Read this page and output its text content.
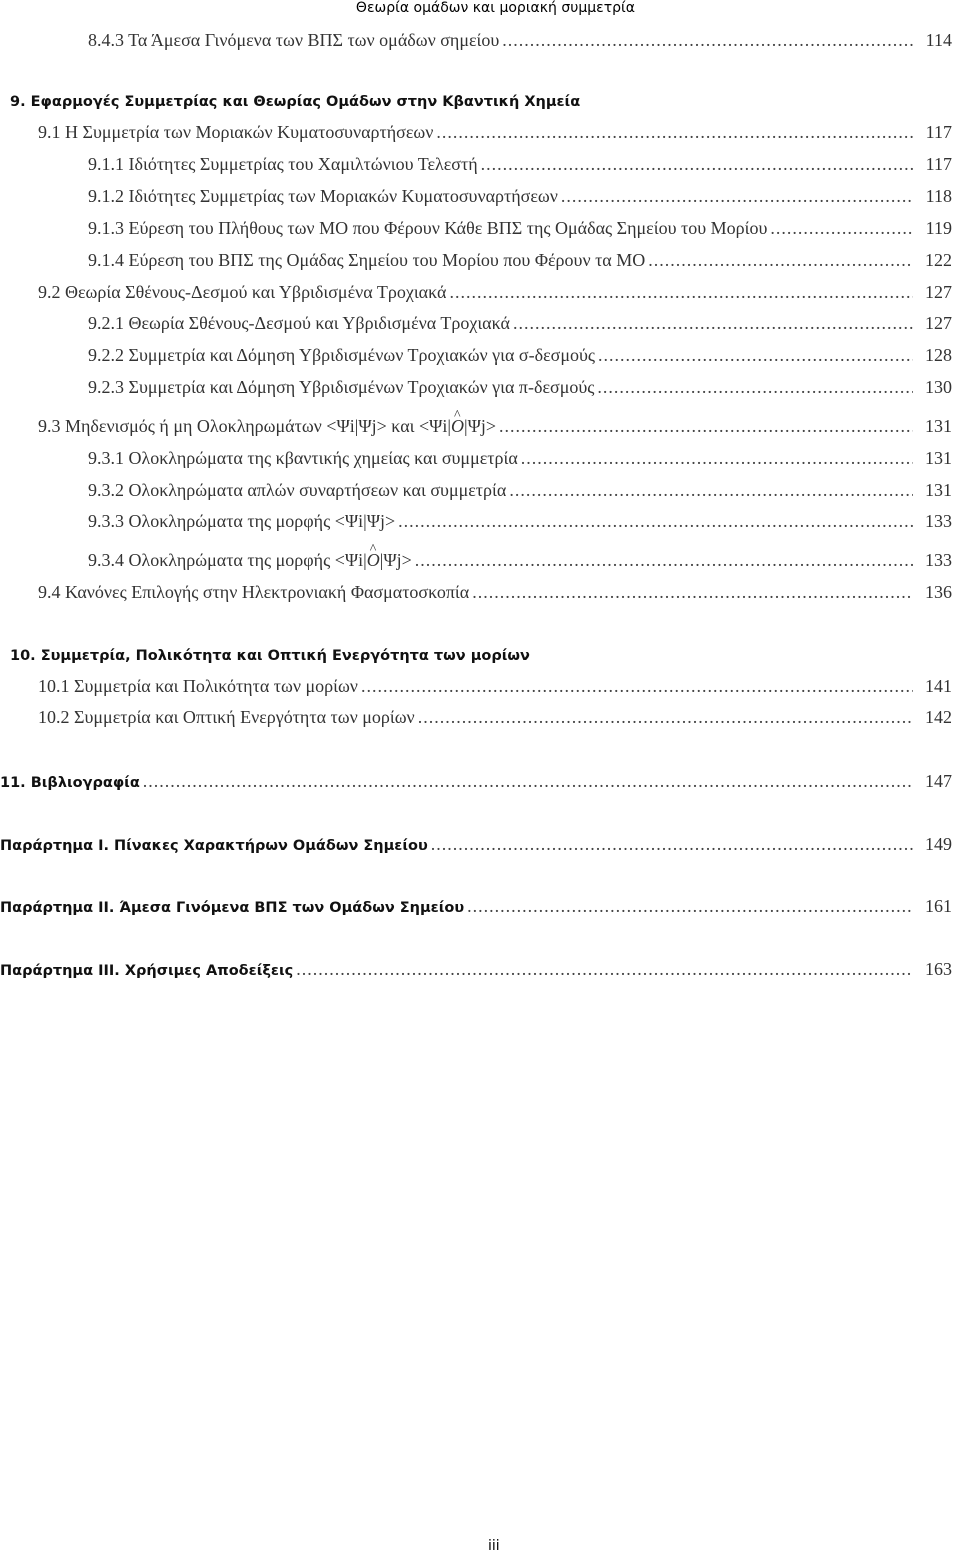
Θεωρία ομάδων και μοριακή συμμετρία
8.4.3 Τα Άμεσα Γινόμενα των ΒΠΣ των ομάδων σημείου .....	114
9. Εφαρμογές Συμμετρίας και Θεωρίας Ομάδων στην Κβαντική Χημεία
9.1 Η Συμμετρία των Μοριακών Κυματοσυναρτήσεων .....	117
9.1.1 Ιδιότητες Συμμετρίας του Χαμιλτώνιου Τελεστή .....	117
9.1.2 Ιδιότητες Συμμετρίας των Μοριακών Κυματοσυναρτήσεων .....	118
9.1.3 Εύρεση του Πλήθους των ΜΟ που Φέρουν Κάθε ΒΠΣ της Ομάδας Σημείου του Μορίου .....	119
9.1.4 Εύρεση του ΒΠΣ της Ομάδας Σημείου του Μορίου που Φέρουν τα ΜΟ .....	122
9.2 Θεωρία Σθένους-Δεσμού και Υβριδισμένα Τροχιακά .....	127
9.2.1 Θεωρία Σθένους-Δεσμού και Υβριδισμένα Τροχιακά .....	127
9.2.2 Συμμετρία και Δόμηση Υβριδισμένων Τροχιακών για σ-δεσμούς .....	128
9.2.3 Συμμετρία και Δόμηση Υβριδισμένων Τροχιακών για π-δεσμούς .....	130
9.3 Μηδενισμός ή μη Ολοκληρωμάτων <Ψi|Ψj> και <Ψi|O ^|Ψj> .....	131
9.3.1 Ολοκληρώματα της κβαντικής χημείας και συμμετρία .....	131
9.3.2 Ολοκληρώματα απλών συναρτήσεων και συμμετρία .....	131
9.3.3 Ολοκληρώματα της μορφής <Ψi|Ψj> .....	133
9.3.4 Ολοκληρώματα της μορφής <Ψi|O ^|Ψj> .....	133
9.4 Κανόνες Επιλογής στην Ηλεκτρονιακή Φασματοσκοπία .....	136
10. Συμμετρία, Πολικότητα και Οπτική Ενεργότητα των μορίων
10.1 Συμμετρία και Πολικότητα των μορίων .....	141
10.2 Συμμετρία και Οπτική Ενεργότητα των μορίων .....	142
11. Βιβλιογραφία .....	147
Παράρτημα Ι. Πίνακες Χαρακτήρων Ομάδων Σημείου .....	149
Παράρτημα ΙΙ. Άμεσα Γινόμενα ΒΠΣ των Ομάδων Σημείου .....	161
Παράρτημα ΙΙΙ. Χρήσιμες Αποδείξεις .....	163
iii
